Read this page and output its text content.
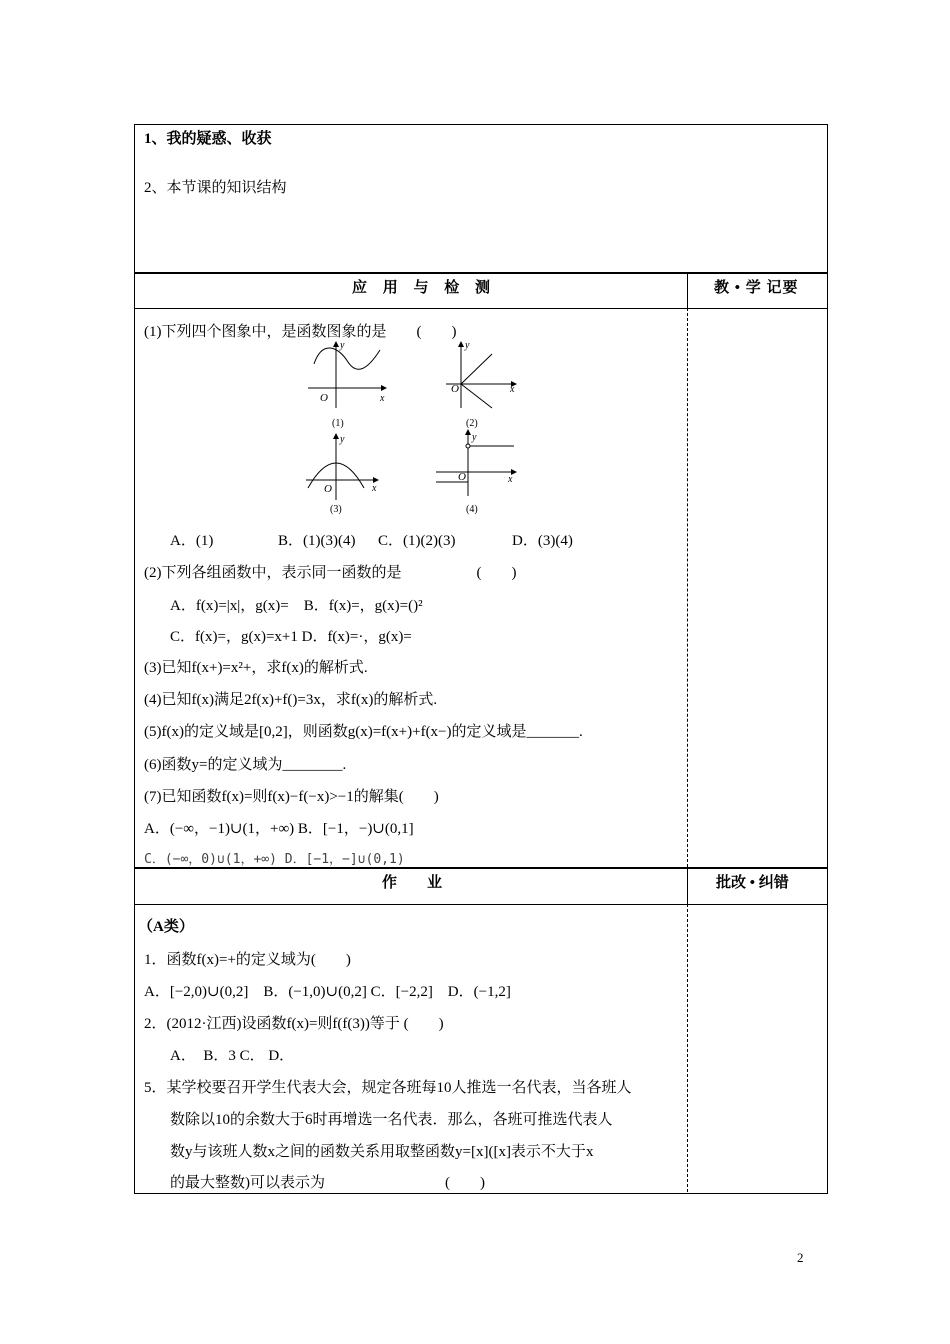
1、我的疑惑、收获
2、本节课的知识结构
应 用 与 检 测	教 • 学 记要
(1)下列四个图象中，是函数图象的是　　(　　)
y
x
O
(1)
y
x
O
(2)
y
x
O
(3)
y
x
O
(4)
A．(1)	B．(1)(3)(4) C．(1)(2)(3)	D．(3)(4)
(2)下列各组函数中，表示同一函数的是　　　　　(　　)
A．f(x)=|x|，g(x)=　B．f(x)=，g(x)=()²
C．f(x)=，g(x)=x+1 D．f(x)=·，g(x)=
(3)已知f(x+)=x²+，求f(x)的解析式.
(4)已知f(x)满足2f(x)+f()=3x，求f(x)的解析式.
(5)f(x)的定义域是[0,2]，则函数g(x)=f(x+)+f(x−)的定义域是_______.
(6)函数y=的定义域为________.
(7)已知函数f(x)=则f(x)−f(−x)>−1的解集(　　)
A．(−∞，−1)∪(1，+∞) B．[−1，−)∪(0,1]
C．(−∞，0)∪(1，+∞) D．[−1，−]∪(0,1)
作　　业	批改 • 纠错
（A类）
1．函数f(x)=+的定义域为(　　)
A．[−2,0)∪(0,2]　B．(−1,0)∪(0,2] C．[−2,2]　D．(−1,2]
2．(2012·江西)设函数f(x)=则f(f(3))等于 (　　)
A．　B．3 C． D．
5．某学校要召开学生代表大会，规定各班每10人推选一名代表，当各班人
数除以10的余数大于6时再增选一名代表．那么，各班可推选代表人
数y与该班人数x之间的函数关系用取整函数y=[x]([x]表示不大于x
的最大整数)可以表示为　　　　　　　　(　　)
2
